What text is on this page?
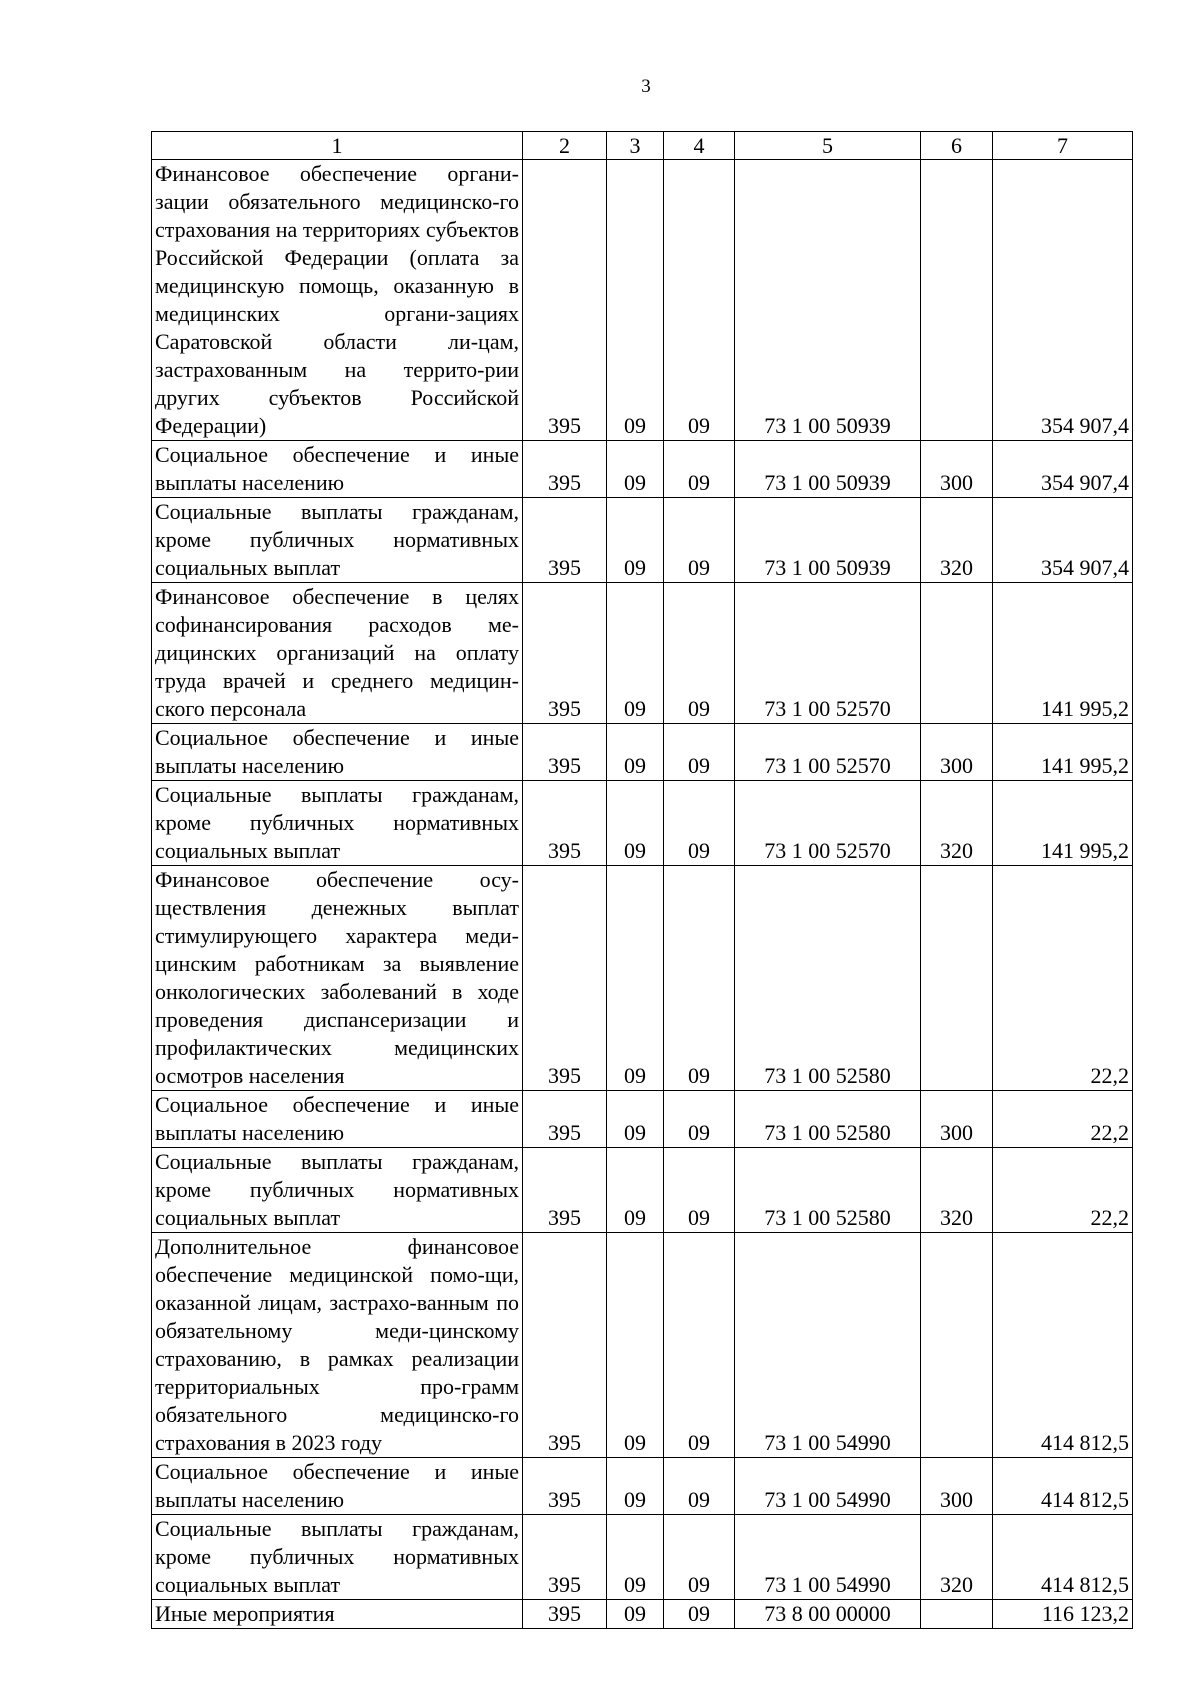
3
1	2	3	4	5	6	7
Финансовое обеспечение органи-зации обязательного медицинско-го страхования на территориях субъектов Российской Федерации (оплата за медицинскую помощь, оказанную в медицинских органи-зациях Саратовской области ли-цам, застрахованным на террито-рии других субъектов Российской Федерации)	395	09	09	73 1 00 50939		354 907,4
Социальное обеспечение и иные выплаты населению	395	09	09	73 1 00 50939	300	354 907,4
Социальные выплаты гражданам, кроме публичных нормативных социальных выплат	395	09	09	73 1 00 50939	320	354 907,4
Финансовое обеспечение в целях софинансирования расходов ме-дицинских организаций на оплату труда врачей и среднего медицин-ского персонала	395	09	09	73 1 00 52570		141 995,2
Социальное обеспечение и иные выплаты населению	395	09	09	73 1 00 52570	300	141 995,2
Социальные выплаты гражданам, кроме публичных нормативных социальных выплат	395	09	09	73 1 00 52570	320	141 995,2
Финансовое обеспечение осу-ществления денежных выплат стимулирующего характера меди-цинским работникам за выявление онкологических заболеваний в ходе проведения диспансеризации и профилактических медицинских осмотров населения	395	09	09	73 1 00 52580		22,2
Социальное обеспечение и иные выплаты населению	395	09	09	73 1 00 52580	300	22,2
Социальные выплаты гражданам, кроме публичных нормативных социальных выплат	395	09	09	73 1 00 52580	320	22,2
Дополнительное финансовое обеспечение медицинской помо-щи, оказанной лицам, застрахо-ванным по обязательному меди-цинскому страхованию, в рамках реализации территориальных про-грамм обязательного медицинско-го страхования в 2023 году	395	09	09	73 1 00 54990		414 812,5
Социальное обеспечение и иные выплаты населению	395	09	09	73 1 00 54990	300	414 812,5
Социальные выплаты гражданам, кроме публичных нормативных социальных выплат	395	09	09	73 1 00 54990	320	414 812,5
Иные мероприятия	395	09	09	73 8 00 00000		116 123,2
